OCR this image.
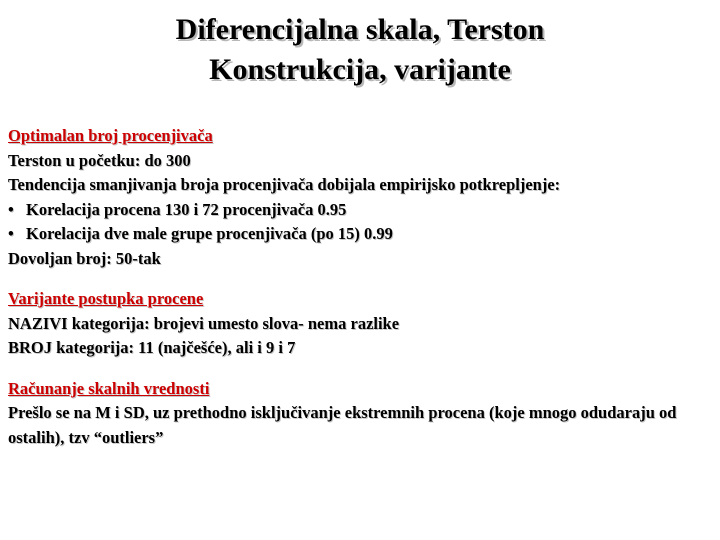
Diferencijalna skala, Terston
Konstrukcija, varijante
Optimalan broj procenjivača
Terston u početku: do 300
Tendencija smanjivanja broja procenjivača dobijala empirijsko potkrepljenje:
• Korelacija procena 130 i 72 procenjivača 0.95
• Korelacija dve male grupe procenjivača (po 15) 0.99
Dovoljan broj: 50-tak
Varijante postupka procene
NAZIVI kategorija: brojevi umesto slova- nema razlike
BROJ kategorija: 11 (najčešće), ali i 9 i 7
Računanje skalnih vrednosti
Prešlo se na M i SD, uz prethodno isključivanje ekstremnih procena (koje mnogo odudaraju od ostalih), tzv “outliers”
